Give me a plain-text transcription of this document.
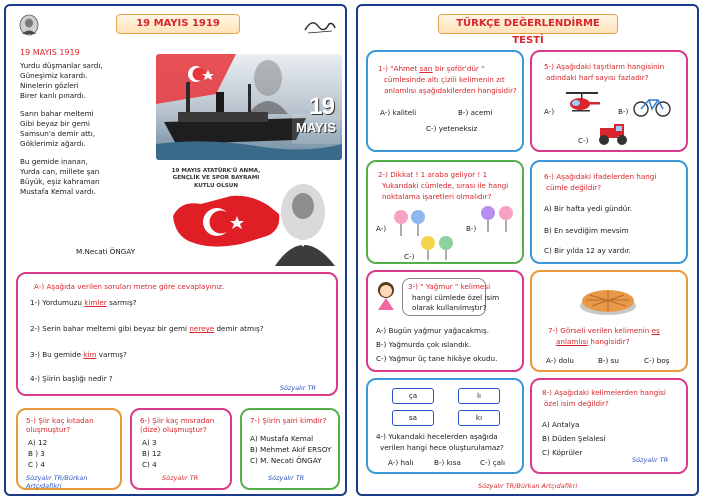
19 MAYIS 1919
19 MAYIS 1919

Yurdu düşmanlar sardı,

Güneşimiz karardı.

Ninelerin gözleri

Birer kanlı pınardı.

Sarın bahar meltemi

Gibi beyaz bir gemi

Samsun'a demir attı,

Göklerimiz ağardı.

Bu gemide inanan,

Yurda can, millete şan

Büyük, eşiz kahraman

Mustafa Kemal vardı.

M.Necati ÖNGAY
19
MAYIS
19 MAYIS ATATÜRK'Ü ANMA,
GENÇLİK VE SPOR BAYRAMI KUTLU OLSUN
A-) Aşağıda verilen soruları metne göre cevaplayınız.
1-) Yordumuzu kimler sarmış?
2-) Serin bahar meltemi gibi beyaz bir gemi nereye demir atmış?
3-) Bu gemide kim varmış?
4-) Şiirin başlığı nedir ?
Sözyalır TR
5-) Şiir kaç kıtadan oluşmuştur?
A) 12
B ) 3
C ) 4
Sözyalır TR/Bürkan Artçıdafikri
6-) Şiir kaç mısradan (dize) oluşmuştur?
A) 3
B) 12
C) 4
Sözyalır TR
7-) Şiirin şairi kimdir?
A) Mustafa Kemal
B) Mehmet Akif ERSOY
C) M. Necati ÖNGAY
Sözyalır TR
TÜRKÇE DEĞERLENDİRME TESTİ
1-) "Ahmet sarı bir şoför'dür "
cümlesinde altı çizili kelimenin zıt
anlamlısı aşağıdakilerden hangisidir?
A-) kaliteli	B-) acemi
C-) yeteneksiz
5-) Aşağıdaki taşıtların hangisinin
adındaki harf sayısı fazladır?
A-)	B-)
C-)
2-) Dikkat ! 1 araba geliyor ! 1
Yukarıdaki cümlede, sırası ile hangi
noktalama işaretleri olmalıdır?
A-)	B-)
C-)
6-) Aşağıdaki ifadelerden hangi
cümle değildir?
A) Bir hafta yedi gündür.
B) En sevdiğim mevsim
C) Bir yılda 12 ay vardır.
3-) " Yağmur " kelimesi
hangi cümlede özel isim
olarak kullanılmıştır?
A-) Bugün yağmur yağacakmış.
B-) Yağmurda çok ıslandık.
C-) Yağmur üç tane hikâye okudu.
7-) Görseli verilen kelimenin eş
anlamlısı hangisidir?
A-) dolu	B-) su	C-) boş
ça	lı
sa	kı
4-) Yukarıdaki hecelerden aşağıda
verilen hangi hece oluşturulamaz?
A-) halı	B-) kısa	C-) çalı
8-) Aşağıdaki kelimelerden hangisi
özel isim değildir?
A) Antalya
B) Düden Şelalesi
C) Köprüler
Sözyalır TR
Sözyalır TR/Bürkan Artçıdafikri
